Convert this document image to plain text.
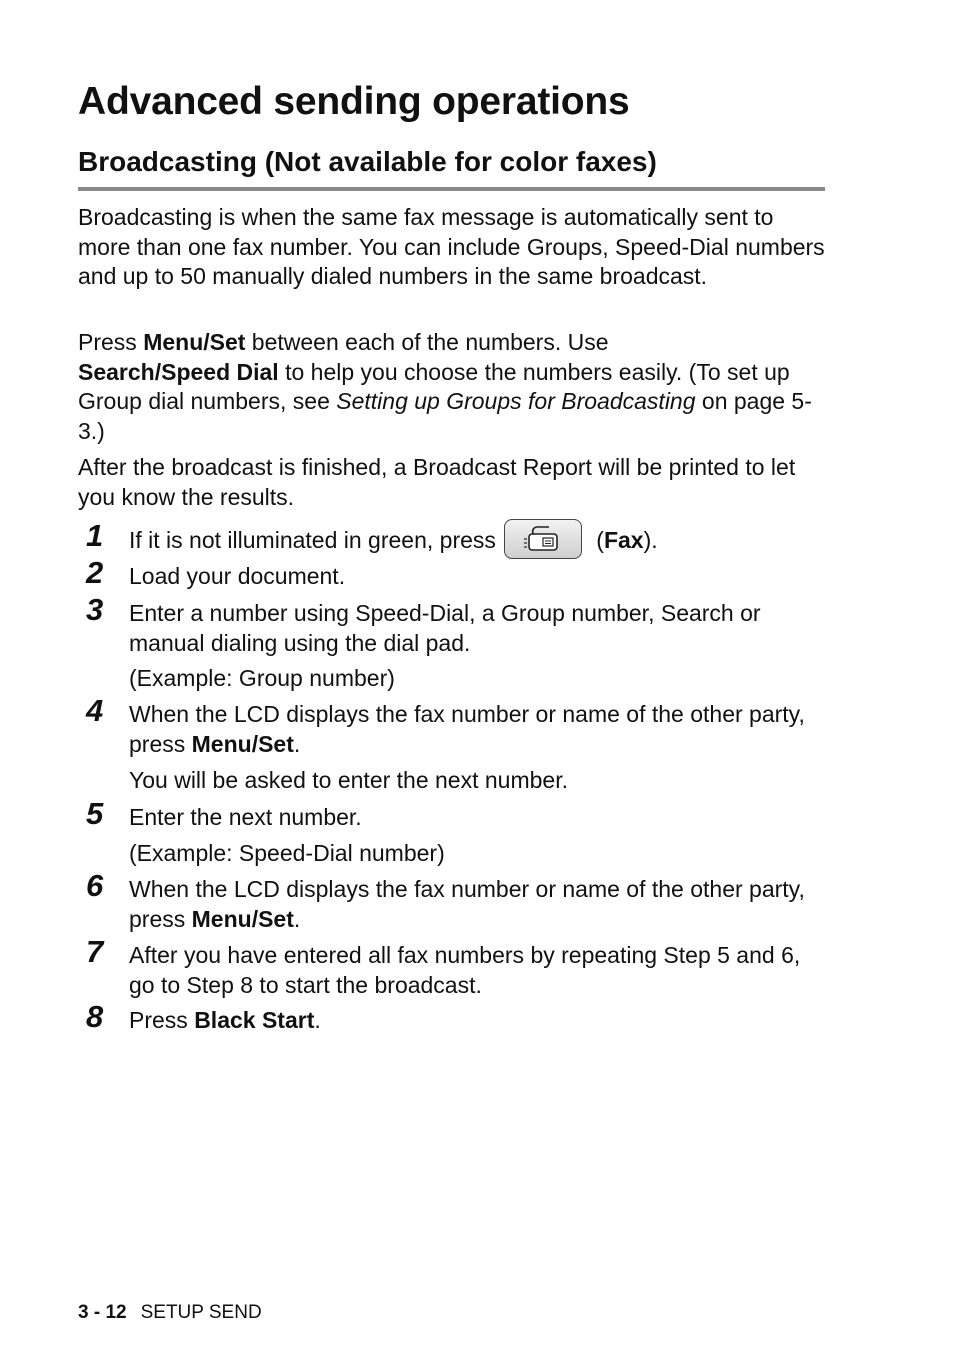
Advanced sending operations
Broadcasting (Not available for color faxes)

Broadcasting is when the same fax message is automatically sent to more than one fax number. You can include Groups, Speed-Dial numbers and up to 50 manually dialed numbers in the same broadcast.

Press Menu/Set between each of the numbers. Use
Search/Speed Dial to help you choose the numbers easily. (To set up Group dial numbers, see Setting up Groups for Broadcasting on page 5-3.)

After the broadcast is finished, a Broadcast Report will be printed to let you know the results.

1 If it is not illuminated in green, press	(Fax).

2 Load your document.

3 Enter a number using Speed-Dial, a Group number, Search or manual dialing using the dial pad.

(Example: Group number)

4 When the LCD displays the fax number or name of the other party, press Menu/Set.

You will be asked to enter the next number.

5 Enter the next number.

(Example: Speed-Dial number)

6 When the LCD displays the fax number or name of the other party, press Menu/Set.

7 After you have entered all fax numbers by repeating Step 5 and 6, go to Step 8 to start the broadcast.

8 Press Black Start.

3 - 12 SETUP SEND
